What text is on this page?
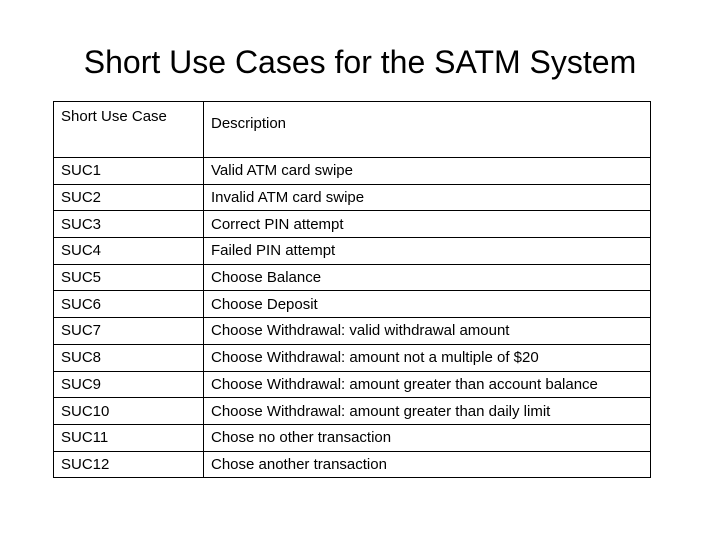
Short Use Cases for the SATM System
Short Use Case	Description
SUC1	Valid ATM card swipe
SUC2	Invalid ATM card swipe
SUC3	Correct PIN attempt
SUC4	Failed PIN attempt
SUC5	Choose Balance
SUC6	Choose Deposit
SUC7	Choose Withdrawal: valid withdrawal amount
SUC8	Choose Withdrawal: amount not a multiple of $20
SUC9	Choose Withdrawal: amount greater than account balance
SUC10	Choose Withdrawal: amount greater than daily limit
SUC11	Chose no other transaction
SUC12	Chose another transaction
